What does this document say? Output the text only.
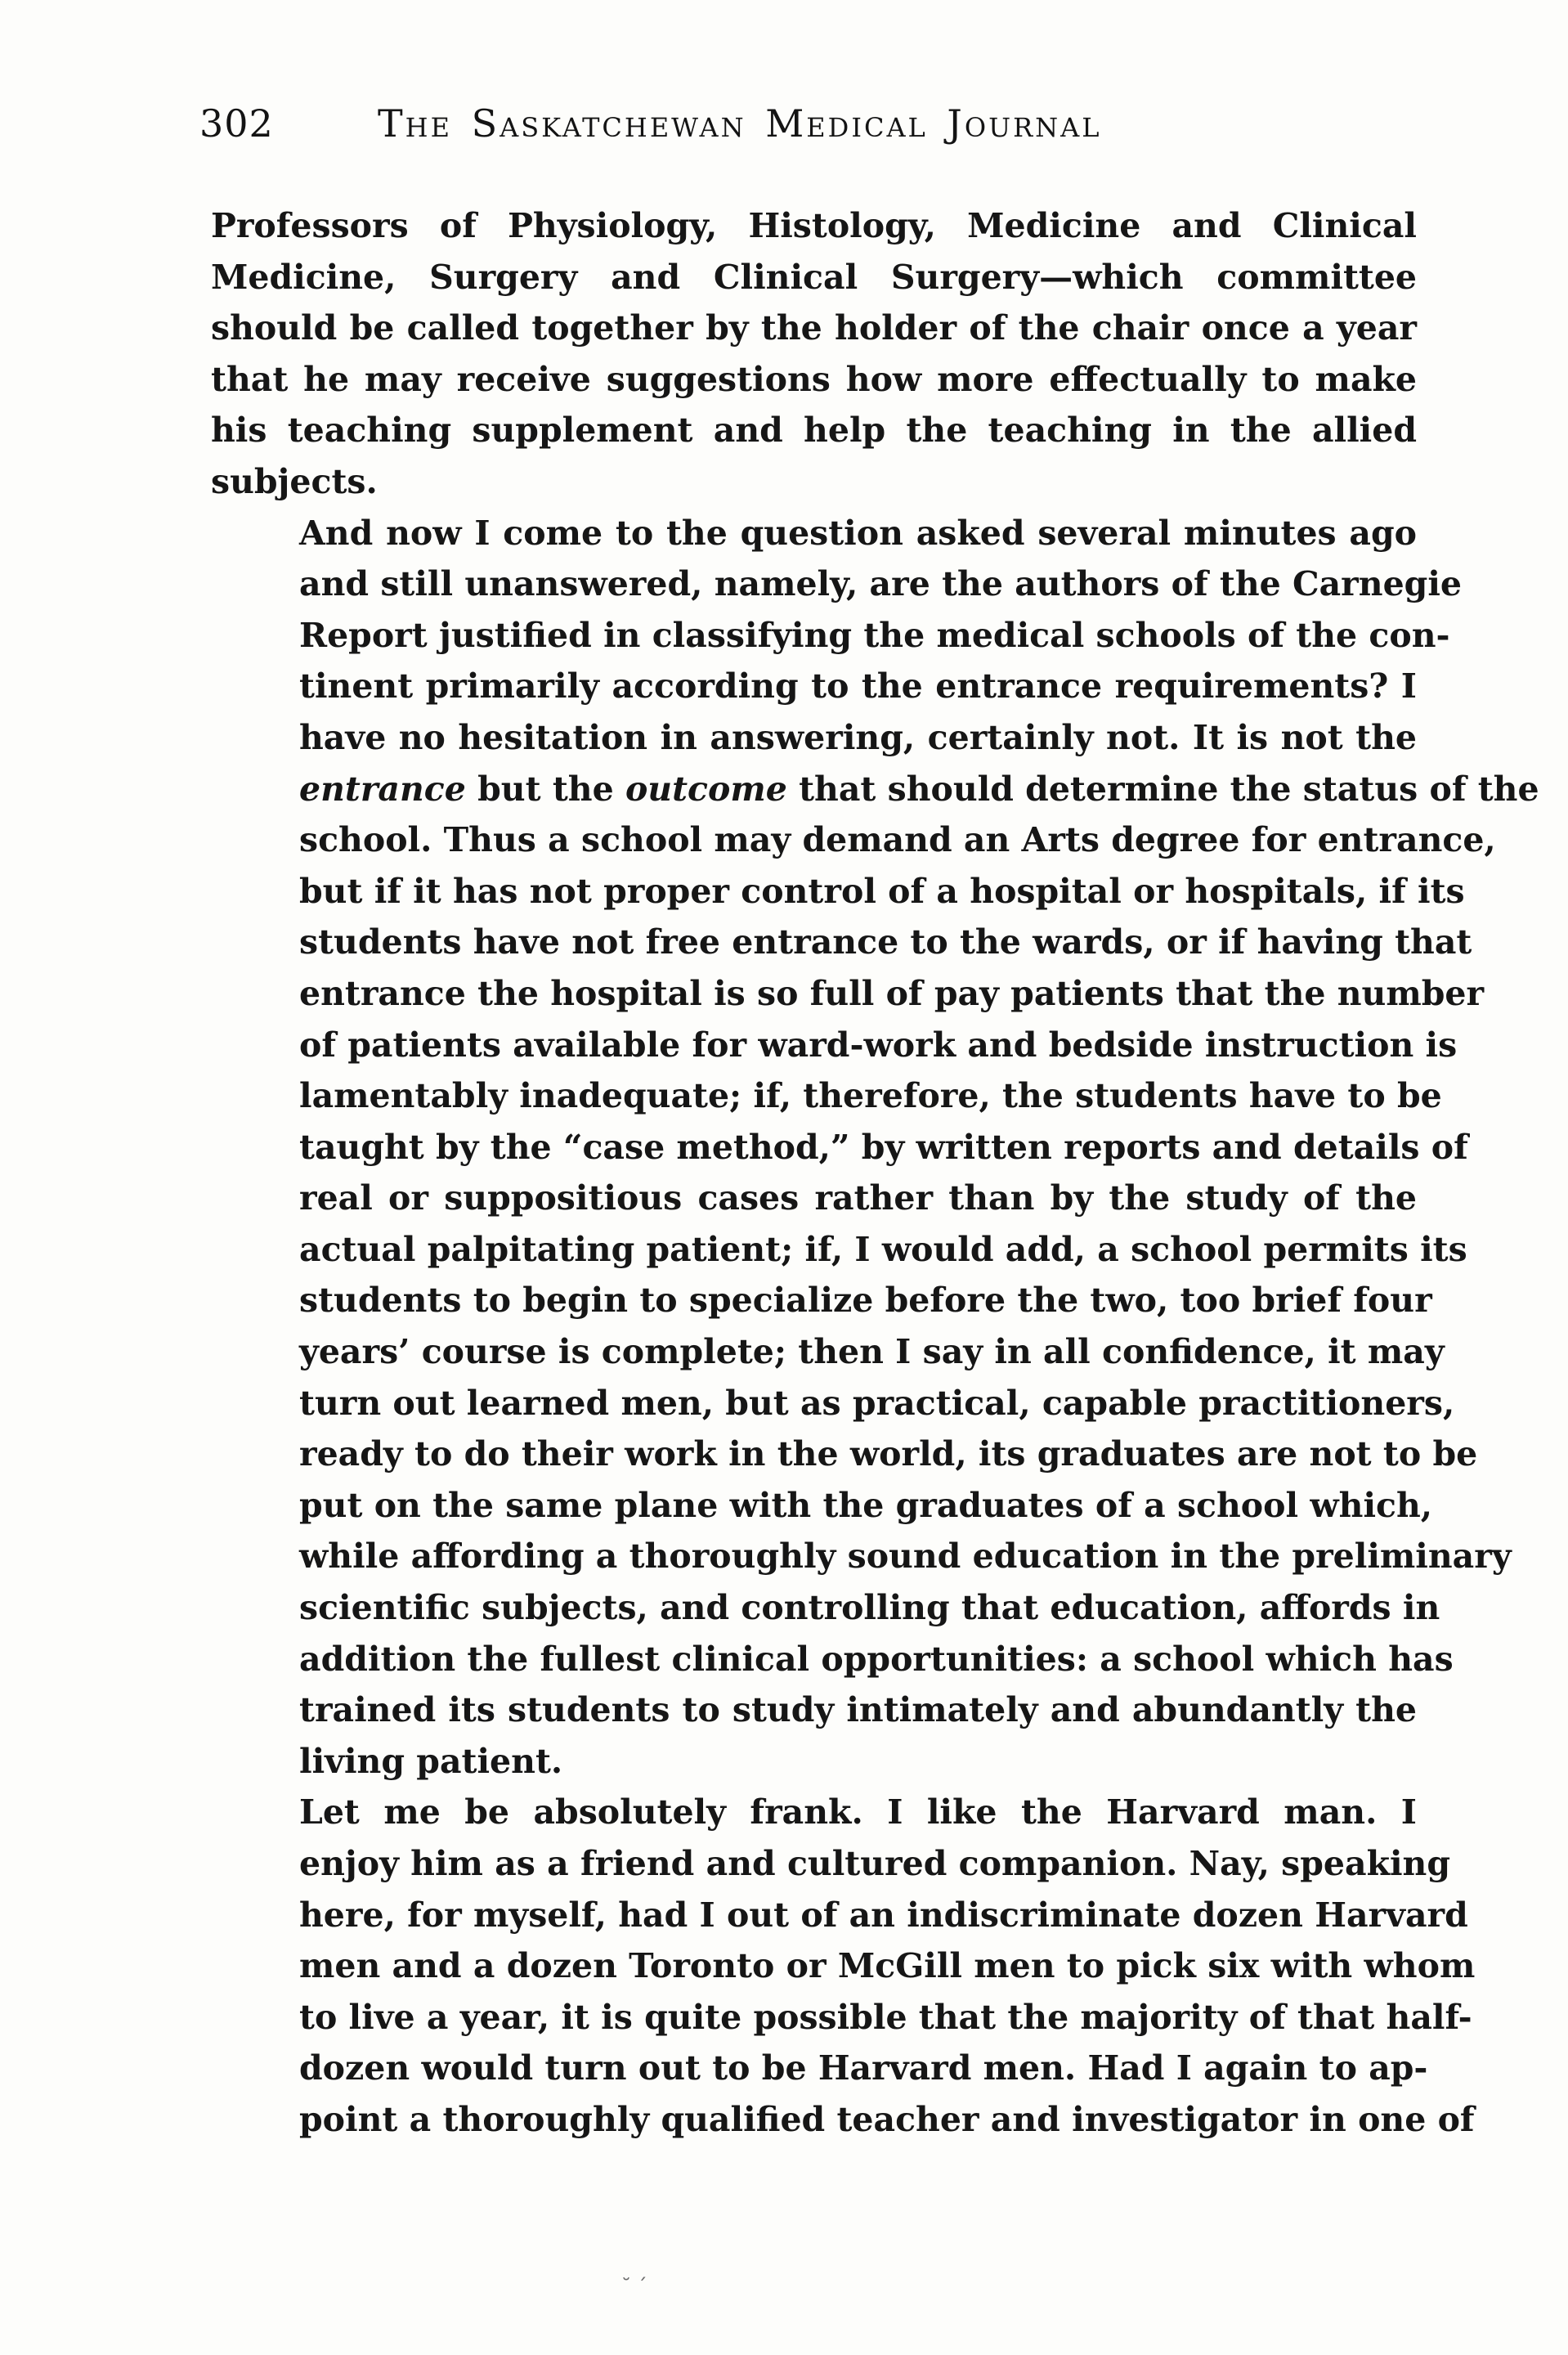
302	The Saskatchewan Medical Journal
Professors of Physiology, Histology, Medicine and Clinical
Medicine, Surgery and Clinical Surgery—which committee
should be called together by the holder of the chair once a year
that he may receive suggestions how more effectually to make
his teaching supplement and help the teaching in the allied
subjects.
And now I come to the question asked several minutes ago
and still unanswered, namely, are the authors of the Carnegie
Report justified in classifying the medical schools of the con-
tinent primarily according to the entrance requirements? I
have no hesitation in answering, certainly not. It is not the
entrance but the outcome that should determine the status of the
school. Thus a school may demand an Arts degree for entrance,
but if it has not proper control of a hospital or hospitals, if its
students have not free entrance to the wards, or if having that
entrance the hospital is so full of pay patients that the number
of patients available for ward-work and bedside instruction is
lamentably inadequate; if, therefore, the students have to be
taught by the “case method,” by written reports and details of
real or suppositious cases rather than by the study of the
actual palpitating patient; if, I would add, a school permits its
students to begin to specialize before the two, too brief four
years’ course is complete; then I say in all confidence, it may
turn out learned men, but as practical, capable practitioners,
ready to do their work in the world, its graduates are not to be
put on the same plane with the graduates of a school which,
while affording a thoroughly sound education in the preliminary
scientific subjects, and controlling that education, affords in
addition the fullest clinical opportunities: a school which has
trained its students to study intimately and abundantly the
living patient.
Let me be absolutely frank. I like the Harvard man. I
enjoy him as a friend and cultured companion. Nay, speaking
here, for myself, had I out of an indiscriminate dozen Harvard
men and a dozen Toronto or McGill men to pick six with whom
to live a year, it is quite possible that the majority of that half-
dozen would turn out to be Harvard men. Had I again to ap-
point a thoroughly qualified teacher and investigator in one of
˘ ˊ
